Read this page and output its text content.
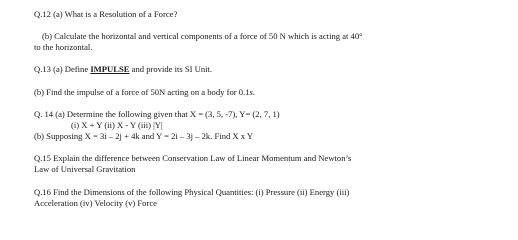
Q.12 (a) What is a Resolution of a Force?
(b) Calculate the horizontal and vertical components of a force of 50 N which is acting at 40°
to the horizontal.
Q.13 (a) Define IMPULSE and provide its SI Unit.
(b) Find the impulse of a force of 50N acting on a body for 0.1s.
Q. 14 (a) Determine the following given that X = (3, 5, -7), Y= (2, 7, 1)
(i) X + Y (ii) X - Y (iii) |Y|
(b) Supposing X = 3i – 2j + 4k and Y = 2i – 3j – 2k. Find X x Y
Q.15 Explain the difference between Conservation Law of Linear Momentum and Newton’s
Law of Universal Gravitation
Q.16 Find the Dimensions of the following Physical Quantities: (i) Pressure (ii) Energy (iii)
Acceleration (iv) Velocity (v) Force
